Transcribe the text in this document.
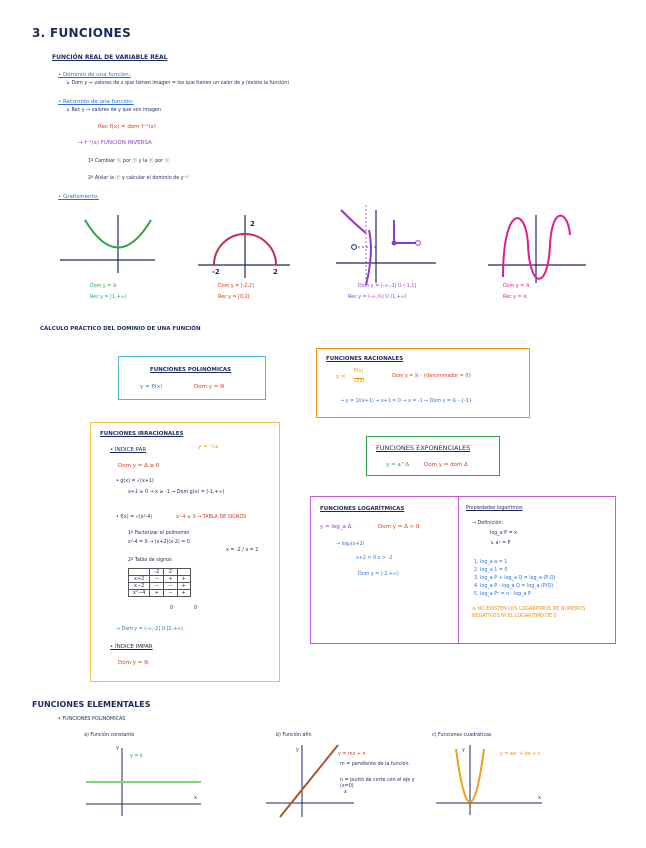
3. FUNCIONES
FUNCIÓN REAL DE VARIABLE REAL
• Dominio de una función:
↳ Dom y ⇒ valores de x que tienen imagen = los que tienen un valor de y (existe la función)
• Recorrido de una función:
↳ Rec y ⇒ valores de y que son imagen
Rec f(x) = dom f⁻¹(x)
→ f⁻¹(x) FUNCIÓN INVERSA
1º Cambiar ⓧ por ⓨ y la ⓨ por ⓧ
2º Aislar la ⓨ y calcular el dominio de y⁻¹
• Grafismento:
Dom y = ℝ
Rec y = [1,+∞)
-2	2
2
Dom y = [-2,2]
Rec y = [0,2]
Dom y = (-∞,-1) U (-1,1]
Rec y = (-∞,½) U (1,+∞)
Dom y = ℝ
Rec y = ℝ
CÁLCULO PRÁCTICO DEL DOMINIO DE UNA FUNCIÓN
FUNCIONES POLINÓMICAS
y = P(x)	Dom y = ℝ
FUNCIONES RACIONALES
y =
P(x)
Q(x)
Dom y = ℝ - {denominador = 0}
→ y = 1/(x+1) ⇝ x+1 = 0 → x = -1 ⇒ Dom y = ℝ - {-1}
FUNCIONES IRRACIONALES
y = ⁿ√a
• ÍNDICE PAR
Dom y = Δ ≥ 0
• g(x) = √(x+1)
x+1 ≥ 0 → x ≥ -1 ⇒ Dom g(x) = [-1,+∞)
• f(x) = √(x²-4)	x²-4 ≥ 0 → TABLA DE SIGNOS
1º Factorizar el polinomio
x²-4 = 0 → (x+2)(x-2) = 0
x = -2 / x = 2
2º Tabla de signos
	-2	2	
x+2	−	+	+
x−2	−	−	+
x²−4	+	−	+
0	0
⇒ Dom y = (-∞,-2] U [2,+∞)
• ÍNDICE IMPAR
Dom y = ℝ
FUNCIONES EXPONENCIALES
y = a^Δ	Dom y = dom Δ
FUNCIONES LOGARÍTMICAS
y = log_a Δ	Dom y = Δ > 0
→ log₂(x+2)
x+2 > 0 x > -2
Dom y = (-2,+∞)
Propiedades logaritmos
→ Definición:
log_a P = x
↳ aˣ = P
1. log_a a = 1
2. log_a 1 = 0
3. log_a P + log_a Q = log_a (P·Q)
4. log_a P - log_a Q = log_a (P/Q)
5. log_a Pⁿ = n · log_a P
⊛ NO EXISTEN LOS LOGARITMOS DE NÚMEROS NEGATIVOS NI EL LOGARITMO DE 0
FUNCIONES ELEMENTALES
• FUNCIONES POLINÓMICAS
a) Función constante
y = k
y
x
b) Función afín
y
x
y = mx + n
m = pendiente de la función
n = punto de corte con el eje y (x=0)
c) Funciones cuadráticas
y = ax² + bx + c
y
x
